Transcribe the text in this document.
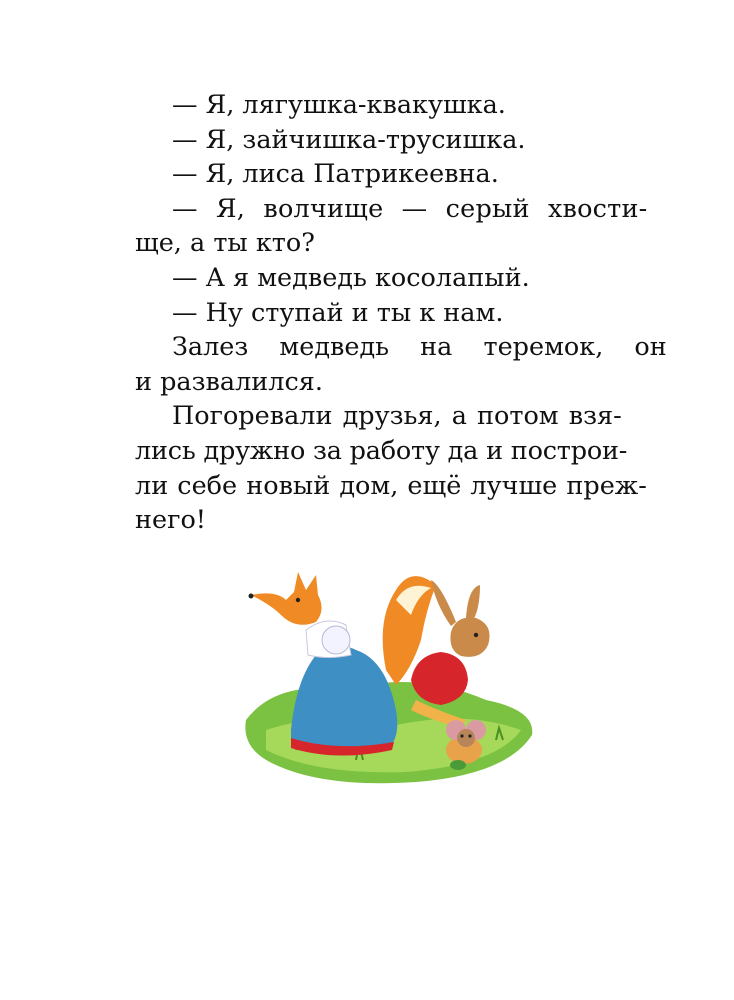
— Я, лягушка-квакушка.
— Я, зайчишка-трусишка.
— Я, лиса Патрикеевна.
— Я, волчище — серый хвости-
ще, а ты кто?
— А я медведь косолапый.
— Ну ступай и ты к нам.
Залез медведь на теремок, он
и развалился.
Погоревали друзья, а потом взя-
лись дружно за работу да и построи-
ли себе новый дом, ещё лучше преж-
него!
